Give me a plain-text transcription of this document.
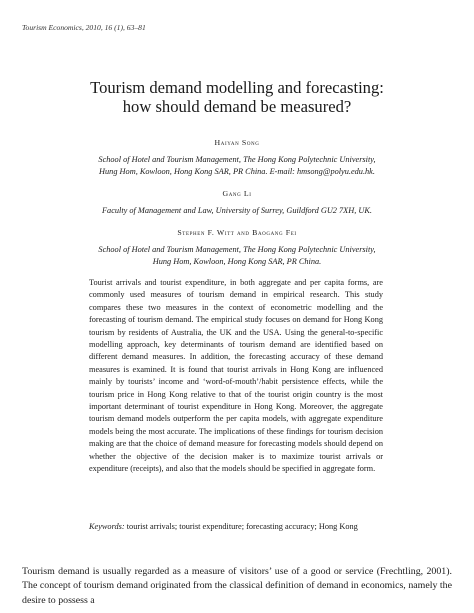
Tourism Economics, 2010, 16 (1), 63–81
Tourism demand modelling and forecasting:
how should demand be measured?
Haiyan Song
School of Hotel and Tourism Management, The Hong Kong Polytechnic University,
Hung Hom, Kowloon, Hong Kong SAR, PR China. E-mail: hmsong@polyu.edu.hk.
Gang Li
Faculty of Management and Law, University of Surrey, Guildford GU2 7XH, UK.
Stephen F. Witt and Baogang Fei
School of Hotel and Tourism Management, The Hong Kong Polytechnic University,
Hung Hom, Kowloon, Hong Kong SAR, PR China.
Tourist arrivals and tourist expenditure, in both aggregate and per capita forms, are commonly used measures of tourism demand in empirical research. This study compares these two measures in the context of econometric modelling and the forecasting of tourism demand. The empirical study focuses on demand for Hong Kong tourism by residents of Australia, the UK and the USA. Using the general-to-specific modelling approach, key determinants of tourism demand are identified based on different demand measures. In addition, the forecasting accuracy of these demand measures is examined. It is found that tourist arrivals in Hong Kong are influenced mainly by tourists’ income and ‘word-of-mouth’/habit persistence effects, while the tourism price in Hong Kong relative to that of the tourist origin country is the most important determinant of tourist expenditure in Hong Kong. Moreover, the aggregate tourism demand models outperform the per capita models, with aggregate expenditure models being the most accurate. The implications of these findings for tourism decision making are that the choice of demand measure for forecasting models should depend on whether the objective of the decision maker is to maximize tourist arrivals or expenditure (receipts), and also that the models should be specified in aggregate form.
Keywords: tourist arrivals; tourist expenditure; forecasting accuracy; Hong Kong
Tourism demand is usually regarded as a measure of visitors’ use of a good or service (Frechtling, 2001). The concept of tourism demand originated from the classical definition of demand in economics, namely the desire to possess a
